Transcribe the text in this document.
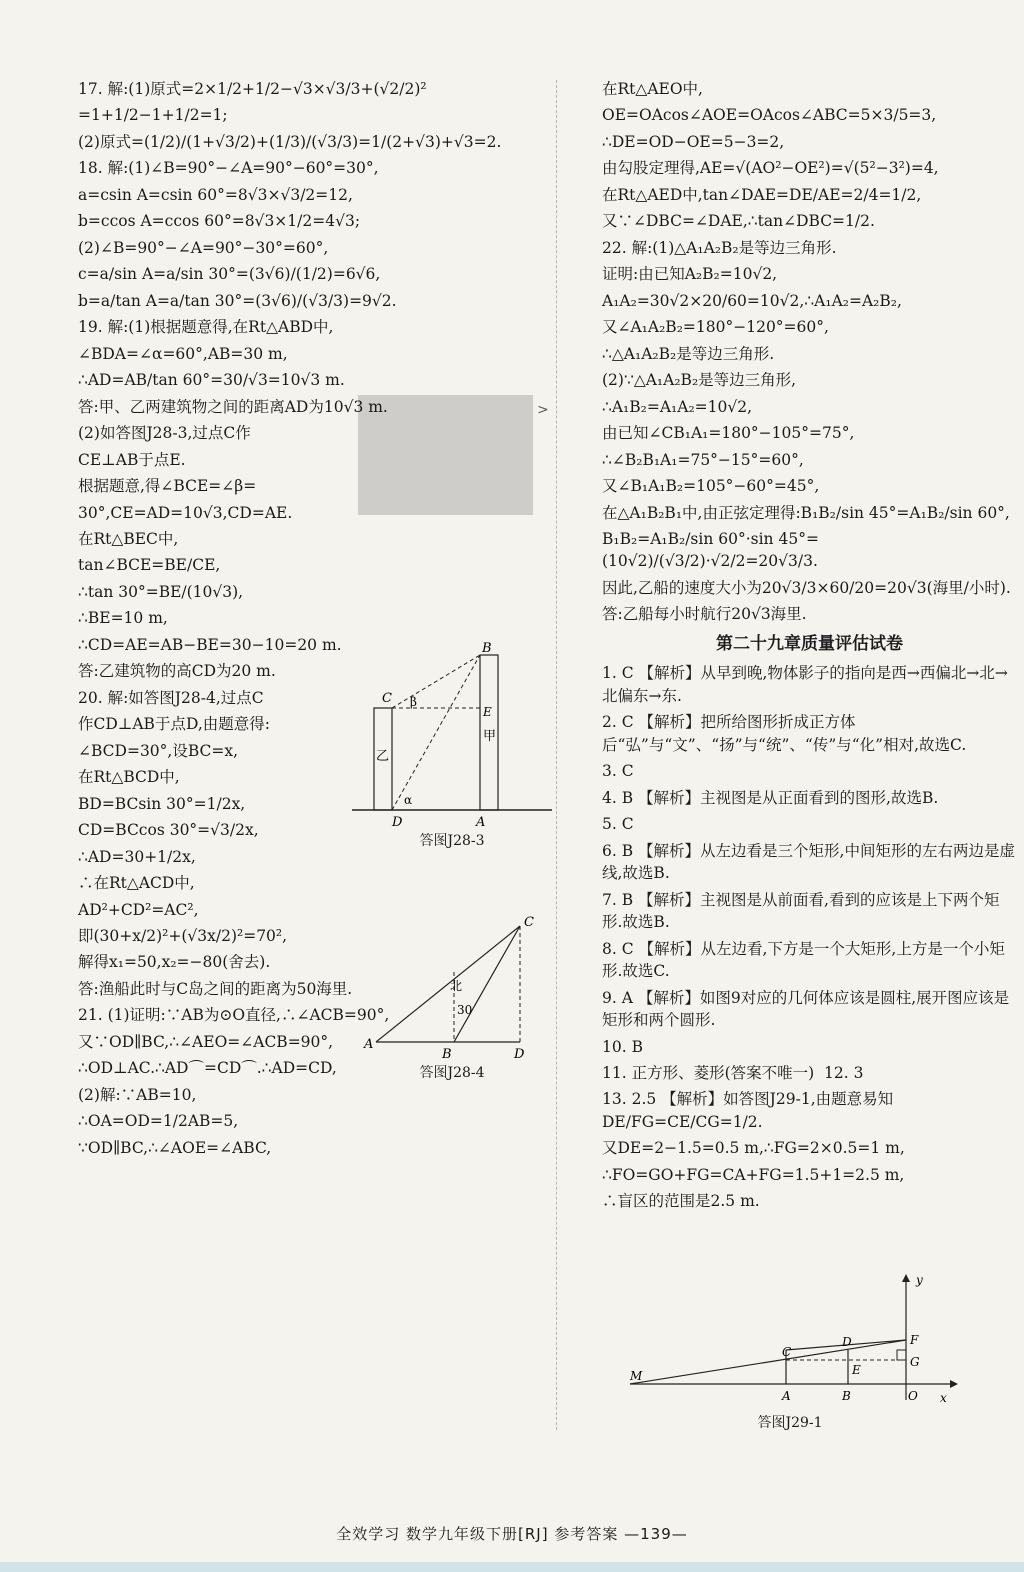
>

17. 解:(1)原式=2×1/2+1/2−√3×√3/3+(√2/2)²

=1+1/2−1+1/2=1;

(2)原式=(1/2)/(1+√3/2)+(1/3)/(√3/3)=1/(2+√3)+√3=2.

18. 解:(1)∠B=90°−∠A=90°−60°=30°,

a=csin A=csin 60°=8√3×√3/2=12,

b=ccos A=ccos 60°=8√3×1/2=4√3;

(2)∠B=90°−∠A=90°−30°=60°,

c=a/sin A=a/sin 30°=(3√6)/(1/2)=6√6,

b=a/tan A=a/tan 30°=(3√6)/(√3/3)=9√2.

19. 解:(1)根据题意得,在Rt△ABD中,

∠BDA=∠α=60°,AB=30 m,

∴AD=AB/tan 60°=30/√3=10√3 m.

答:甲、乙两建筑物之间的距离AD为10√3 m.

(2)如答图J28-3,过点C作

CE⊥AB于点E.

根据题意,得∠BCE=∠β=

30°,CE=AD=10√3,CD=AE.

在Rt△BEC中,

tan∠BCE=BE/CE,

∴tan 30°=BE/(10√3),

∴BE=10 m,

∴CD=AE=AB−BE=30−10=20 m.

答:乙建筑物的高CD为20 m.

20. 解:如答图J28-4,过点C

作CD⊥AB于点D,由题意得:

∠BCD=30°,设BC=x,

在Rt△BCD中,

BD=BCsin 30°=1/2x,

CD=BCcos 30°=√3/2x,

∴AD=30+1/2x,

∴在Rt△ACD中,

AD²+CD²=AC²,

即(30+x/2)²+(√3x/2)²=70²,

解得x₁=50,x₂=−80(舍去).

答:渔船此时与C岛之间的距离为50海里.

21. (1)证明:∵AB为⊙O直径,∴∠ACB=90°,

又∵OD∥BC,∴∠AEO=∠ACB=90°,

∴OD⊥AC.∴AD⌒=CD⌒.∴AD=CD,

(2)解:∵AB=10,

∴OA=OD=1/2AB=5,

∵OD∥BC,∴∠AOE=∠ABC,

在Rt△AEO中,

OE=OAcos∠AOE=OAcos∠ABC=5×3/5=3,

∴DE=OD−OE=5−3=2,

由勾股定理得,AE=√(AO²−OE²)=√(5²−3²)=4,

在Rt△AED中,tan∠DAE=DE/AE=2/4=1/2,

又∵∠DBC=∠DAE,∴tan∠DBC=1/2.

22. 解:(1)△A₁A₂B₂是等边三角形.

证明:由已知A₂B₂=10√2,

A₁A₂=30√2×20/60=10√2,∴A₁A₂=A₂B₂,

又∠A₁A₂B₂=180°−120°=60°,

∴△A₁A₂B₂是等边三角形.

(2)∵△A₁A₂B₂是等边三角形,

∴A₁B₂=A₁A₂=10√2,

由已知∠CB₁A₁=180°−105°=75°,

∴∠B₂B₁A₁=75°−15°=60°,

又∠B₁A₁B₂=105°−60°=45°,

在△A₁B₂B₁中,由正弦定理得:B₁B₂/sin 45°=A₁B₂/sin 60°,

B₁B₂=A₁B₂/sin 60°·sin 45°=(10√2)/(√3/2)·√2/2=20√3/3.

因此,乙船的速度大小为20√3/3×60/20=20√3(海里/小时).

答:乙船每小时航行20√3海里.

第二十九章质量评估试卷

1. C 【解析】从早到晚,物体影子的指向是西→西偏北→北→北偏东→东.

2. C 【解析】把所给图形折成正方体后“弘”与“文”、“扬”与“统”、“传”与“化”相对,故选C.

3. C

4. B 【解析】主视图是从正面看到的图形,故选B.

5. C

6. B 【解析】从左边看是三个矩形,中间矩形的左右两边是虚线,故选B.

7. B 【解析】主视图是从前面看,看到的应该是上下两个矩形.故选B.

8. C 【解析】从左边看,下方是一个大矩形,上方是一个小矩形.故选C.

9. A 【解析】如图9对应的几何体应该是圆柱,展开图应该是矩形和两个圆形.

10. B

11. 正方形、菱形(答案不唯一)  12. 3

13. 2.5 【解析】如答图J29-1,由题意易知DE/FG=CE/CG=1/2.

又DE=2−1.5=0.5 m,∴FG=2×0.5=1 m,

∴FO=GO+FG=CA+FG=1.5+1=2.5 m,

∴盲区的范围是2.5 m.

B
C β
E
甲
乙
α
D	A
答图J28-3
C
北
30
A
B	D
答图J28-4
y
D	F
C
G
E
M
A	B	O x
答图J29-1
全效学习 数学九年级下册[RJ] 参考答案 —139—
